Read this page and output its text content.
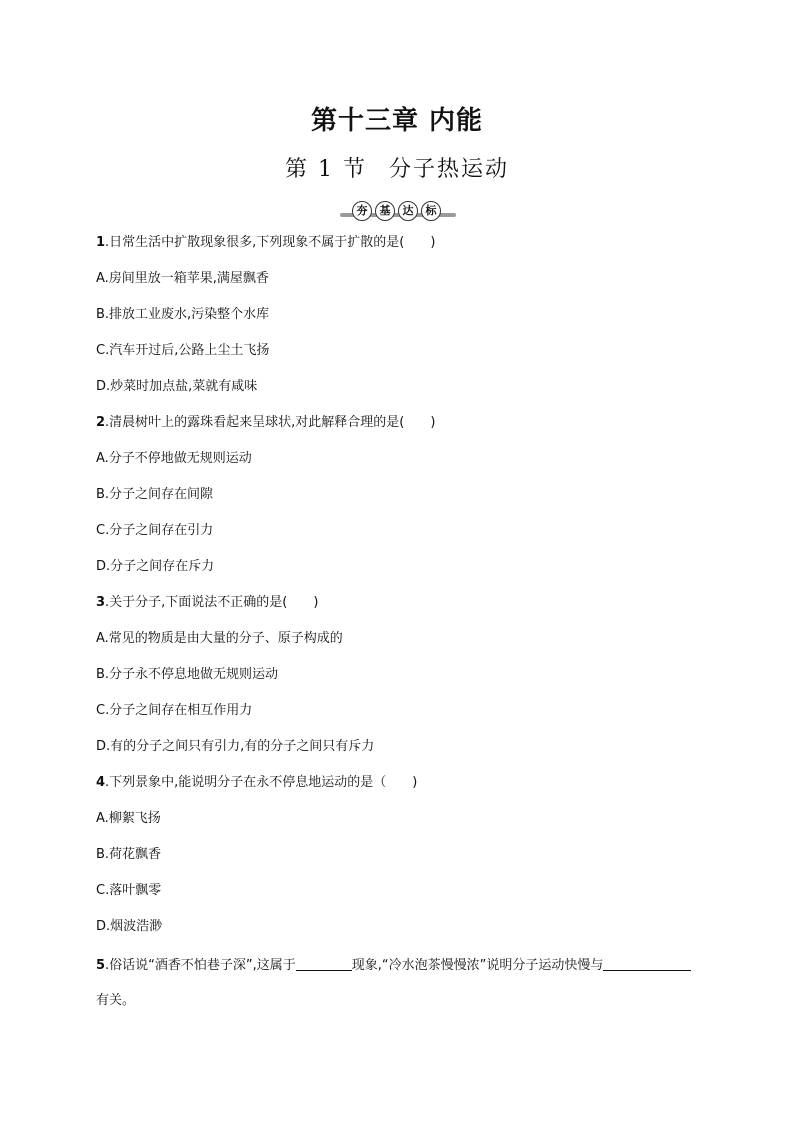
第十三章 内能
第 1 节 分子热运动
夯	基	达	标
1.日常生活中扩散现象很多,下列现象不属于扩散的是(　　)
A.房间里放一箱苹果,满屋飘香
B.排放工业废水,污染整个水库
C.汽车开过后,公路上尘土飞扬
D.炒菜时加点盐,菜就有咸味
2.清晨树叶上的露珠看起来呈球状,对此解释合理的是(　　)
A.分子不停地做无规则运动
B.分子之间存在间隙
C.分子之间存在引力
D.分子之间存在斥力
3.关于分子,下面说法不正确的是(　　)
A.常见的物质是由大量的分子、原子构成的
B.分子永不停息地做无规则运动
C.分子之间存在相互作用力
D.有的分子之间只有引力,有的分子之间只有斥力
4.下列景象中,能说明分子在永不停息地运动的是（　　)
A.柳絮飞扬
B.荷花飘香
C.落叶飘零
D.烟波浩渺
5.俗话说“酒香不怕巷子深”,这属于	现象,“冷水泡茶慢慢浓”说明分子运动快慢与
有关。
